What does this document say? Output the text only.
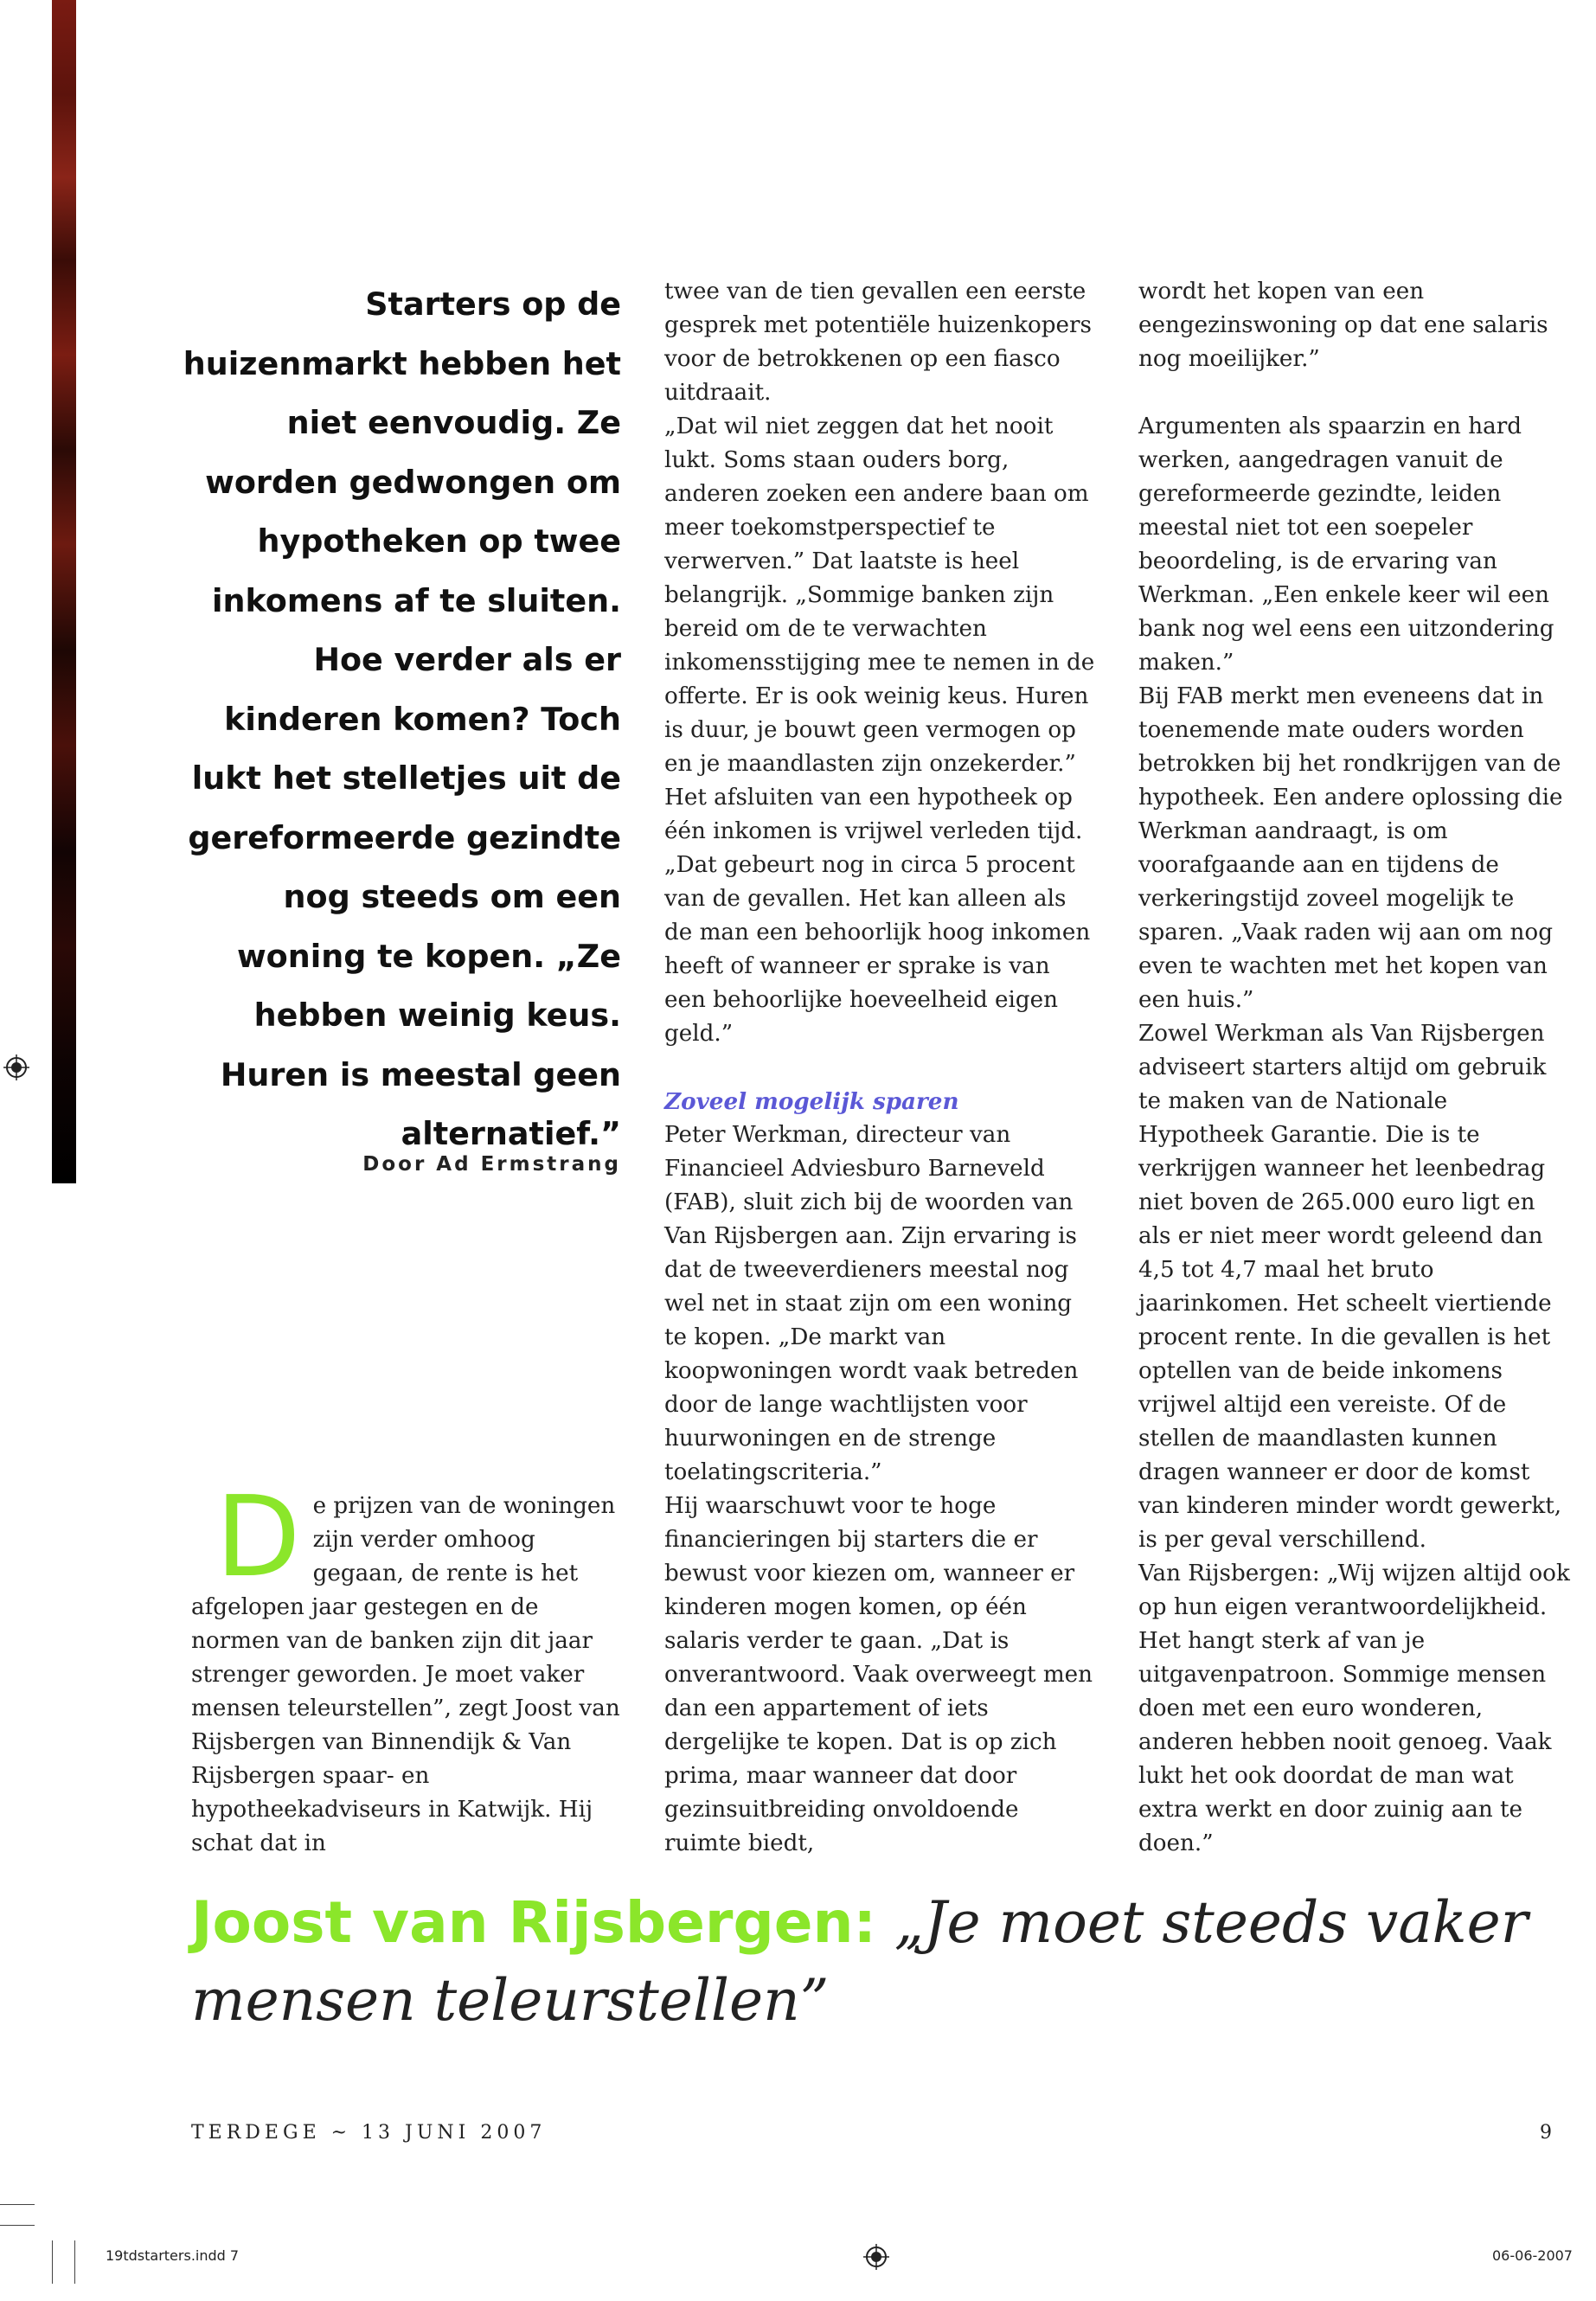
Starters op de huizenmarkt hebben het niet eenvoudig. Ze worden gedwongen om hypotheken op twee inkomens af te sluiten. Hoe verder als er kinderen komen? Toch lukt het stelletjes uit de gereformeerde gezindte nog steeds om een woning te kopen. „Ze hebben weinig keus. Huren is meestal geen alternatief.”
Door Ad Ermstrang
D e prijzen van de woningen zijn verder omhoog gegaan, de rente is het afgelopen jaar gestegen en de normen van de banken zijn dit jaar strenger geworden. Je moet vaker mensen teleurstellen”, zegt Joost van Rijsbergen van Binnendijk & Van Rijsbergen spaar- en hypotheekadviseurs in Katwijk. Hij schat dat in

twee van de tien gevallen een eerste gesprek met potentiële huizenkopers voor de betrokkenen op een fiasco uitdraait.

„Dat wil niet zeggen dat het nooit lukt. Soms staan ouders borg, anderen zoeken een andere baan om meer toekomstperspectief te verwerven.” Dat laatste is heel belangrijk. „Sommige banken zijn bereid om de te verwachten inkomensstijging mee te nemen in de offerte. Er is ook weinig keus. Huren is duur, je bouwt geen vermogen op en je maandlasten zijn onzekerder.”

Het afsluiten van een hypotheek op één inkomen is vrijwel verleden tijd. „Dat gebeurt nog in circa 5 procent van de gevallen. Het kan alleen als de man een behoorlijk hoog inkomen heeft of wanneer er sprake is van een behoorlijke hoeveelheid eigen geld.”

Zoveel mogelijk sparen

Peter Werkman, directeur van Financieel Adviesburo Barneveld (FAB), sluit zich bij de woorden van Van Rijsbergen aan. Zijn ervaring is dat de tweeverdieners meestal nog wel net in staat zijn om een woning te kopen. „De markt van koopwoningen wordt vaak betreden door de lange wachtlijsten voor huurwoningen en de strenge toelatingscriteria.”

Hij waarschuwt voor te hoge financieringen bij starters die er bewust voor kiezen om, wanneer er kinderen mogen komen, op één salaris verder te gaan. „Dat is onverantwoord. Vaak overweegt men dan een appartement of iets dergelijke te kopen. Dat is op zich prima, maar wanneer dat door gezinsuitbreiding onvoldoende ruimte biedt,

wordt het kopen van een eengezinswoning op dat ene salaris nog moeilijker.”

Argumenten als spaarzin en hard werken, aangedragen vanuit de gereformeerde gezindte, leiden meestal niet tot een soepeler beoordeling, is de ervaring van Werkman. „Een enkele keer wil een bank nog wel eens een uitzondering maken.”

Bij FAB merkt men eveneens dat in toenemende mate ouders worden betrokken bij het rondkrijgen van de hypotheek. Een andere oplossing die Werkman aandraagt, is om voorafgaande aan en tijdens de verkeringstijd zoveel mogelijk te sparen. „Vaak raden wij aan om nog even te wachten met het kopen van een huis.”

Zowel Werkman als Van Rijsbergen adviseert starters altijd om gebruik te maken van de Nationale Hypotheek Garantie. Die is te verkrijgen wanneer het leenbedrag niet boven de 265.000 euro ligt en als er niet meer wordt geleend dan 4,5 tot 4,7 maal het bruto jaarinkomen. Het scheelt viertiende procent rente. In die gevallen is het optellen van de beide inkomens vrijwel altijd een vereiste. Of de stellen de maandlasten kunnen dragen wanneer er door de komst van kinderen minder wordt gewerkt, is per geval verschillend.

Van Rijsbergen: „Wij wijzen altijd ook op hun eigen verantwoordelijkheid. Het hangt sterk af van je uitgavenpatroon. Sommige mensen doen met een euro wonderen, anderen hebben nooit genoeg. Vaak lukt het ook doordat de man wat extra werkt en door zuinig aan te doen.”

Joost van Rijsbergen: „Je moet steeds vaker mensen teleurstellen”
TERDEGE ~ 13 JUNI 2007	9
19tdstarters.indd 7	06-06-2007
